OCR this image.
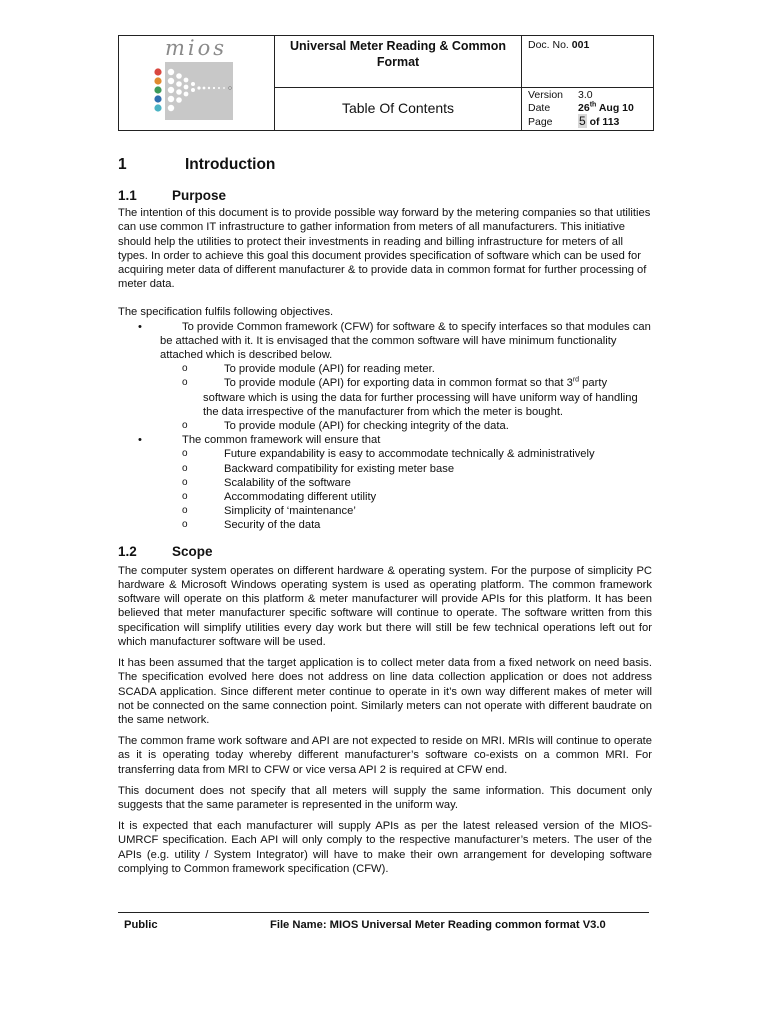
mios	Universal Meter Reading & Common Format
Table Of Contents
Doc. No. 001
Version 3.0
Date	26th Aug 10
Page 5 of 113
1	Introduction
1.1	Purpose

The intention of this document is to provide possible way forward by the metering companies so that utilities can use common IT infrastructure to gather information from meters of all manufacturers. This initiative should help the utilities to protect their investments in reading and billing infrastructure for meters of all types. In order to achieve this goal this document provides specification of software which can be used for acquiring meter data of different manufacturer & to provide data in common format for further processing of meter data.

The specification fulfils following objectives.

•	To provide Common framework (CFW) for software & to specify interfaces so that modules can be attached with it. It is envisaged that the common software will have minimum functionality attached which is described below.
o	To provide module (API) for reading meter.
o	To provide module (API) for exporting data in common format so that 3rd party software which is using the data for further processing will have uniform way of handling the data irrespective of the manufacturer from which the meter is bought.
o	To provide module (API) for checking integrity of the data.
•	The common framework will ensure that
o	Future expandability is easy to accommodate technically & administratively
o	Backward compatibility for existing meter base
o	Scalability of the software
o	Accommodating different utility
o	Simplicity of ‘maintenance’
o	Security of the data
1.2	Scope

The computer system operates on different hardware & operating system. For the purpose of simplicity PC hardware & Microsoft Windows operating system is used as operating platform. The common framework software will operate on this platform & meter manufacturer will provide APIs for this platform. It has been believed that meter manufacturer specific software will continue to operate. The software written from this specification will simplify utilities every day work but there will still be few technical operations left out for which manufacturer software will be used.

It has been assumed that the target application is to collect meter data from a fixed network on need basis. The specification evolved here does not address on line data collection application or does not address SCADA application. Since different meter continue to operate in it’s own way different makes of meter will not be connected on the same connection point. Similarly meters can not operate with different baudrate on the same network.

The common frame work software and API are not expected to reside on MRI. MRIs will continue to operate as it is operating today whereby different manufacturer’s software co-exists on a common MRI. For transferring data from MRI to CFW or vice versa API 2 is required at CFW end.

This document does not specify that all meters will supply the same information. This document only suggests that the same parameter is represented in the uniform way.

It is expected that each manufacturer will supply APIs as per the latest released version of the MIOS-UMRCF specification. Each API will only comply to the respective manufacturer’s meters. The user of the APIs (e.g. utility / System Integrator) will have to make their own arrangement for developing software complying to Common framework specification (CFW).

Public	File Name: MIOS Universal Meter Reading common format V3.0
